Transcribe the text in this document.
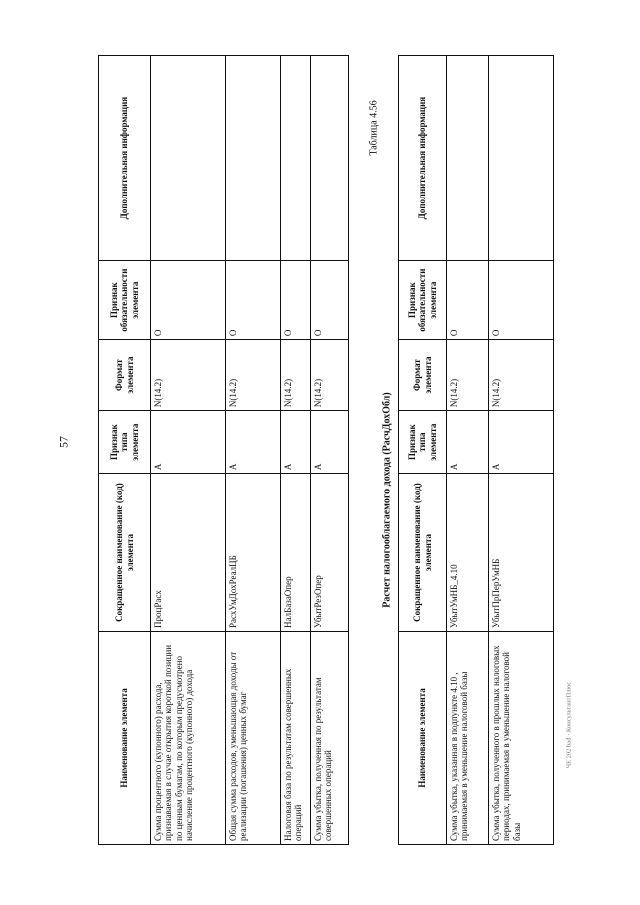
57
Наименование элемента	Сокращенное наименование (код) элемента	Признак типа элемента	Формат элемента	Признак обязательности элемента	Дополнительная информация
Сумма процентного (купонного) расхода, признаваемая в случае открытия короткой позиции по ценным бумагам, по которым предусмотрено начисление процентного (купонного) дохода	ПроцРасх	А	N(14.2)	О	
Общая сумма расходов, уменьшающая доходы от реализации (погашения) ценных бумаг	РасхУмДохРеалЦБ	А	N(14.2)	О	
Налоговая база по результатам совершенных операций	НалБазаОпер	А	N(14.2)	О	
Сумма убытка, полученная по результатам совершенных операций	УбытРезОпер	А	N(14.2)	О	
Таблица 4.56
Расчет налогооблагаемого дохода (РасчДохОбл)
Наименование элемента	Сокращенное наименование (код) элемента	Признак типа элемента	Формат элемента	Признак обязательности элемента	Дополнительная информация
Сумма убытка, указанная в подпункте 4.10 , принимаемая в уменьшение налоговой базы	УбытУмНБ_4.10	А	N(14.2)	О	
Сумма убытка, полученного в прошлых налоговых периодах, принимаемая в уменьшение налоговой базы	УбытПрПерУмНБ	А	N(14.2)	О	
ЧЕ 202 bad · КонсультантПлюс
